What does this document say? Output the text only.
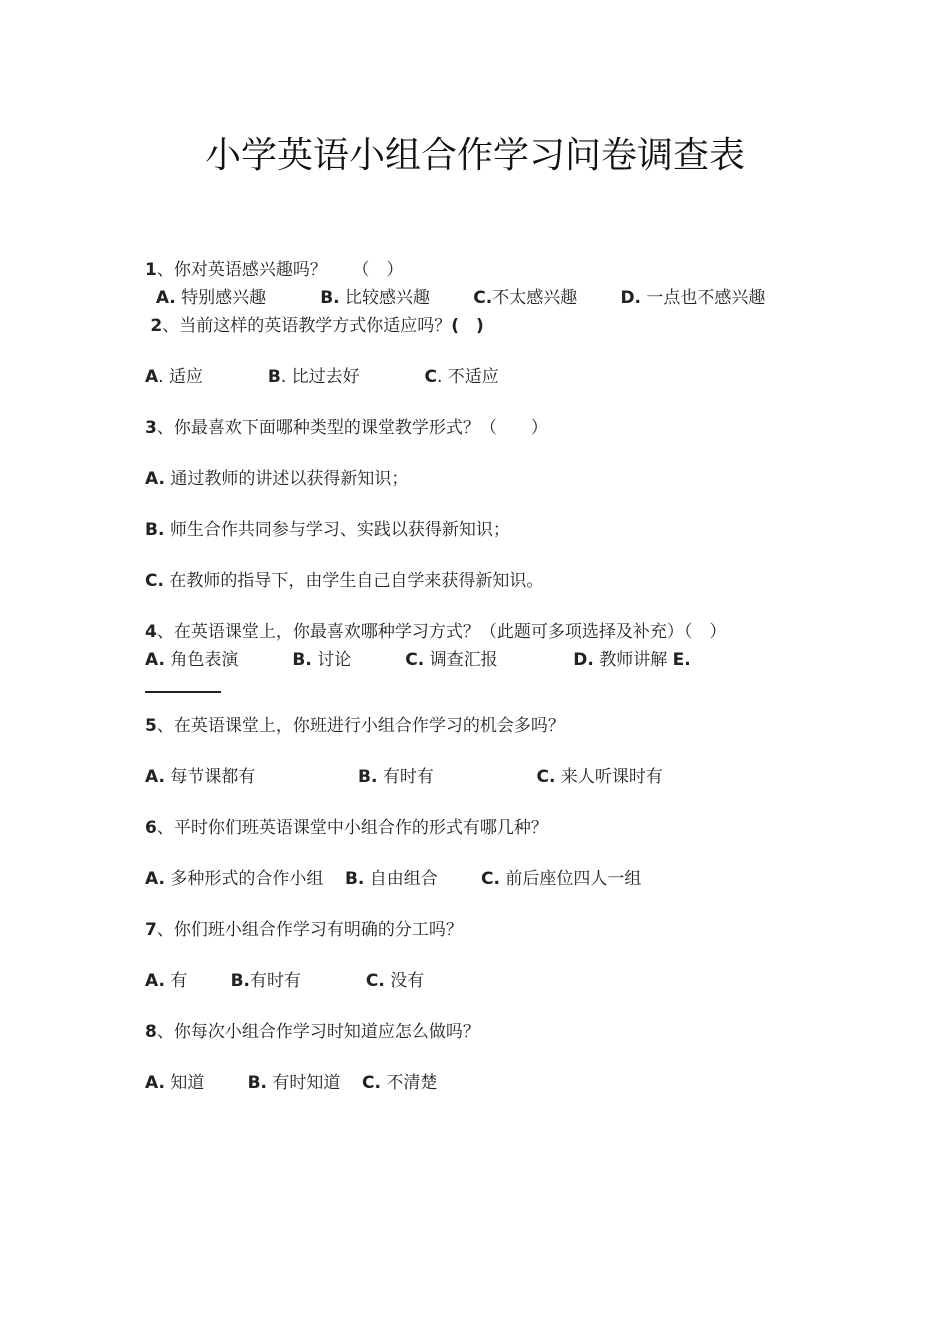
小学英语小组合作学习问卷调查表

1、你对英语感兴趣吗？　　（　）

A. 特别感兴趣	B. 比较感兴趣	C.不太感兴趣	D. 一点也不感兴趣

2、当前这样的英语教学方式你适应吗？(　)

A. 适应	B. 比过去好	C. 不适应

3、你最喜欢下面哪种类型的课堂教学形式？（　　）

A. 通过教师的讲述以获得新知识；

B. 师生合作共同参与学习、实践以获得新知识；

C. 在教师的指导下，由学生自己自学来获得新知识。

4、在英语课堂上，你最喜欢哪种学习方式？（此题可多项选择及补充）（　）

A. 角色表演	B. 讨论	C. 调查汇报	D. 教师讲解 E.

5、在英语课堂上，你班进行小组合作学习的机会多吗？

A. 每节课都有	B. 有时有	C. 来人听课时有

6、平时你们班英语课堂中小组合作的形式有哪几种？

A. 多种形式的合作小组 B. 自由组合	C. 前后座位四人一组

7、你们班小组合作学习有明确的分工吗？

A. 有	B.有时有	C. 没有

8、你每次小组合作学习时知道应怎么做吗？

A. 知道	B. 有时知道 C. 不清楚
